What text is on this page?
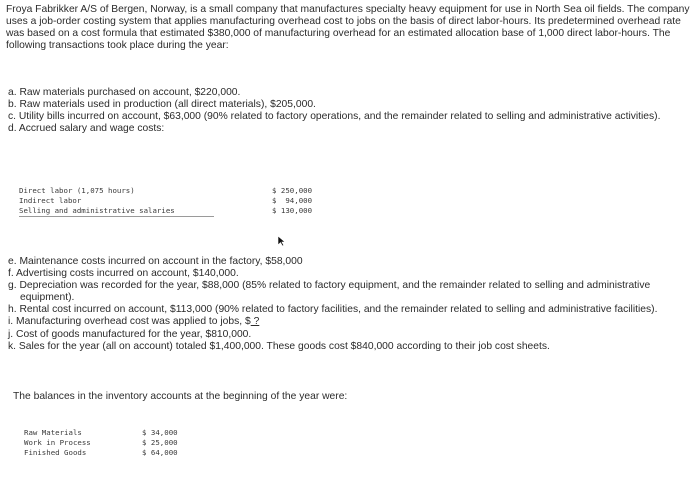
Froya Fabrikker A/S of Bergen, Norway, is a small company that manufactures specialty heavy equipment for use in North Sea oil fields. The company uses a job-order costing system that applies manufacturing overhead cost to jobs on the basis of direct labor-hours. Its predetermined overhead rate was based on a cost formula that estimated $380,000 of manufacturing overhead for an estimated allocation base of 1,000 direct labor-hours. The following transactions took place during the year:

a. Raw materials purchased on account, $220,000.
b. Raw materials used in production (all direct materials), $205,000.
c. Utility bills incurred on account, $63,000 (90% related to factory operations, and the remainder related to selling and administrative activities).
d. Accrued salary and wage costs:
Direct labor (1,075 hours)	$ 250,000
Indirect labor	$  94,000
Selling and administrative salaries	$ 130,000
e. Maintenance costs incurred on account in the factory, $58,000
f. Advertising costs incurred on account, $140,000.
g. Depreciation was recorded for the year, $88,000 (85% related to factory equipment, and the remainder related to selling and administrative equipment).
h. Rental cost incurred on account, $113,000 (90% related to factory facilities, and the remainder related to selling and administrative facilities).
i. Manufacturing overhead cost was applied to jobs, $ ?
j. Cost of goods manufactured for the year, $810,000.
k. Sales for the year (all on account) totaled $1,400,000. These goods cost $840,000 according to their job cost sheets.

The balances in the inventory accounts at the beginning of the year were:

Raw Materials	$ 34,000
Work in Process	$ 25,000
Finished Goods	$ 64,000
